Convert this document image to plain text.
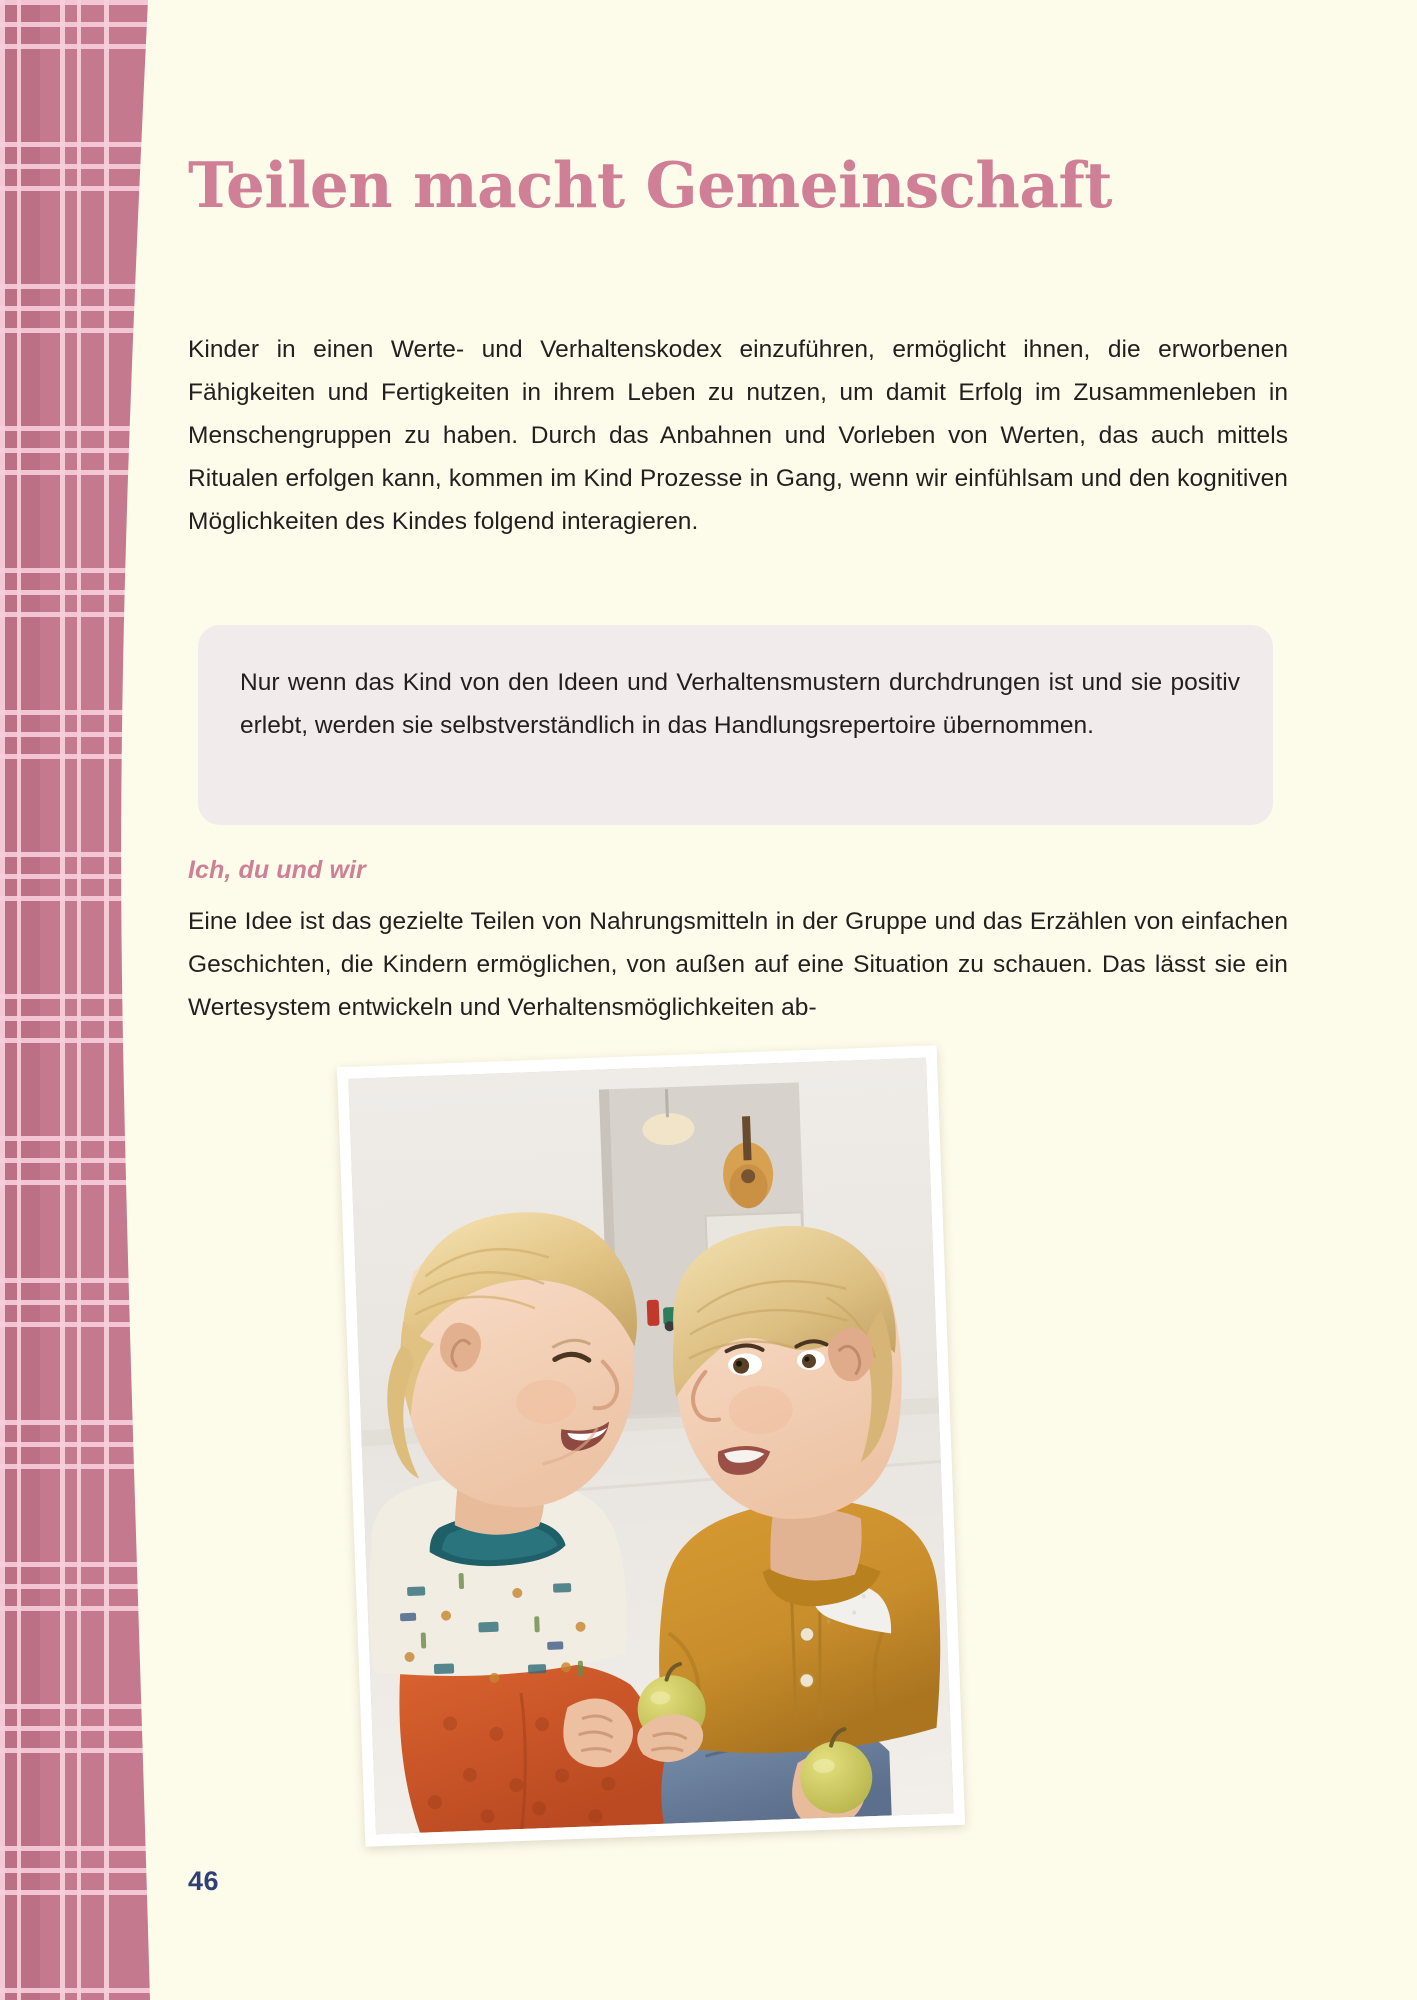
Teilen macht Gemeinschaft

Kinder in einen Werte- und Verhaltenskodex einzuführen, ermöglicht ihnen, die erworbenen Fähigkeiten und Fertigkeiten in ihrem Leben zu nutzen, um damit Erfolg im Zusammenleben in Menschengruppen zu haben. Durch das Anbahnen und Vorleben von Werten, das auch mittels Ritualen erfolgen kann, kommen im Kind Prozesse in Gang, wenn wir einfühlsam und den kognitiven Möglichkeiten des Kindes folgend interagieren.

Nur wenn das Kind von den Ideen und Verhaltensmustern durchdrungen ist und sie positiv erlebt, werden sie selbstverständlich in das Handlungsrepertoire übernommen.

Ich, du und wir

Eine Idee ist das gezielte Teilen von Nahrungsmitteln in der Gruppe und das Erzählen von einfachen Geschichten, die Kindern ermöglichen, von außen auf eine Situation zu schauen. Das lässt sie ein Wertesystem entwickeln und Verhaltensmöglichkeiten ab-

46
